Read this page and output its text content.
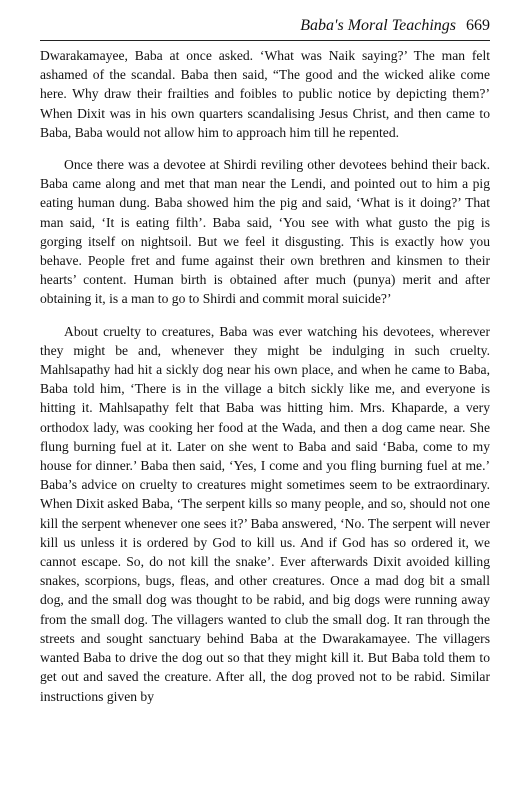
Baba's Moral Teachings 669

Dwarakamayee, Baba at once asked. ‘What was Naik saying?’ The man felt ashamed of the scandal. Baba then said, “The good and the wicked alike come here. Why draw their frailties and foibles to public notice by depicting them?’ When Dixit was in his own quarters scandalising Jesus Christ, and then came to Baba, Baba would not allow him to approach him till he repented.

Once there was a devotee at Shirdi reviling other devotees behind their back. Baba came along and met that man near the Lendi, and pointed out to him a pig eating human dung. Baba showed him the pig and said, ‘What is it doing?’ That man said, ‘It is eating filth’. Baba said, ‘You see with what gusto the pig is gorging itself on nightsoil. But we feel it disgusting. This is exactly how you behave. People fret and fume against their own brethren and kinsmen to their hearts’ content. Human birth is obtained after much (punya) merit and after obtaining it, is a man to go to Shirdi and commit moral suicide?’

About cruelty to creatures, Baba was ever watching his devotees, wherever they might be and, whenever they might be indulging in such cruelty. Mahlsapathy had hit a sickly dog near his own place, and when he came to Baba, Baba told him, ‘There is in the village a bitch sickly like me, and everyone is hitting it. Mahlsapathy felt that Baba was hitting him. Mrs. Khaparde, a very orthodox lady, was cooking her food at the Wada, and then a dog came near. She flung burning fuel at it. Later on she went to Baba and said ‘Baba, come to my house for dinner.’ Baba then said, ‘Yes, I come and you fling burning fuel at me.’ Baba’s advice on cruelty to creatures might sometimes seem to be extraordinary. When Dixit asked Baba, ‘The serpent kills so many people, and so, should not one kill the serpent whenever one sees it?’ Baba answered, ‘No. The serpent will never kill us unless it is ordered by God to kill us. And if God has so ordered it, we cannot escape. So, do not kill the snake’. Ever afterwards Dixit avoided killing snakes, scorpions, bugs, fleas, and other creatures. Once a mad dog bit a small dog, and the small dog was thought to be rabid, and big dogs were running away from the small dog. The villagers wanted to club the small dog. It ran through the streets and sought sanctuary behind Baba at the Dwarakamayee. The villagers wanted Baba to drive the dog out so that they might kill it. But Baba told them to get out and saved the creature. After all, the dog proved not to be rabid. Similar instructions given by
